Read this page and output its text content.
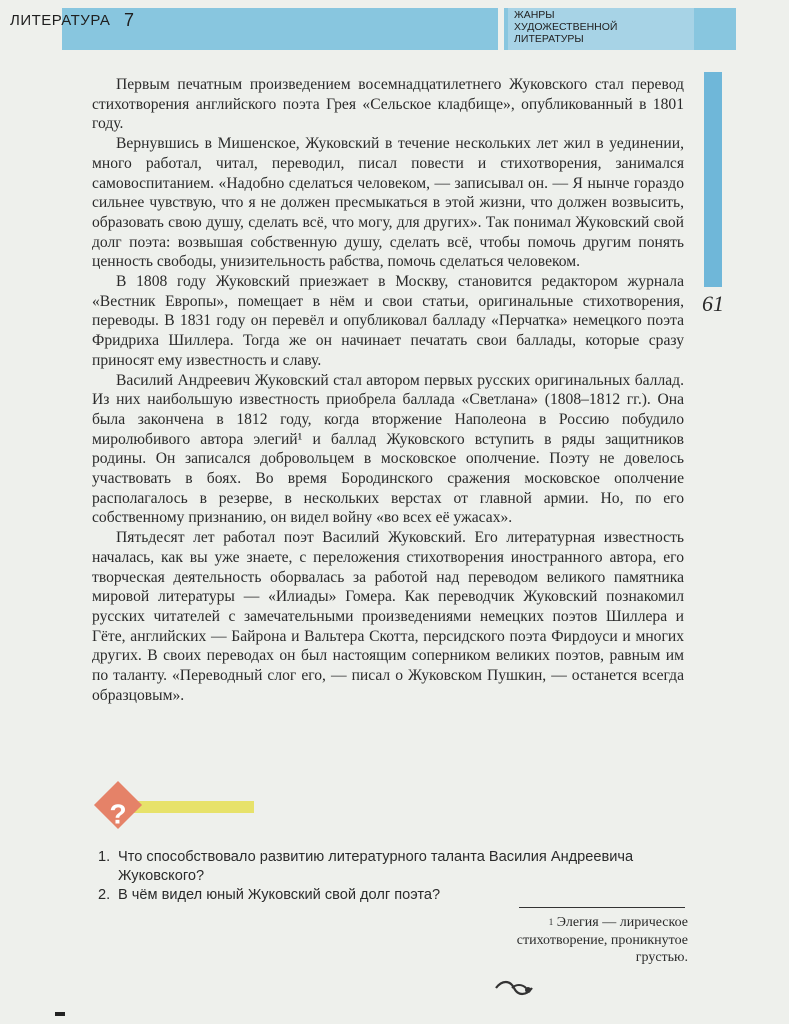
ЛИТЕРАТУРА 7	ЖАНРЫ
ХУДОЖЕСТВЕННОЙ
ЛИТЕРАТУРЫ
61

Первым печатным произведением восемнадцатилетнего Жуковского стал перевод стихотворения английского поэта Грея «Сельское кладбище», опубликованный в 1801 году.

Вернувшись в Мишенское, Жуковский в течение нескольких лет жил в уединении, много работал, читал, переводил, писал повести и стихотворения, занимался самовоспитанием. «Надобно сделаться человеком, — записывал он. — Я нынче гораздо сильнее чувствую, что я не должен пресмыкаться в этой жизни, что должен возвысить, образовать свою душу, сделать всё, что могу, для других». Так понимал Жуковский свой долг поэта: возвышая собственную душу, сделать всё, чтобы помочь другим понять ценность свободы, унизительность рабства, помочь сделаться человеком.

В 1808 году Жуковский приезжает в Москву, становится редактором журнала «Вестник Европы», помещает в нём и свои статьи, оригинальные стихотворения, переводы. В 1831 году он перевёл и опубликовал балладу «Перчатка» немецкого поэта Фридриха Шиллера. Тогда же он начинает печатать свои баллады, которые сразу приносят ему известность и славу.

Василий Андреевич Жуковский стал автором первых русских оригинальных баллад. Из них наибольшую известность приобрела баллада «Светлана» (1808–1812 гг.). Она была закончена в 1812 году, когда вторжение Наполеона в Россию побудило миролюбивого автора элегий¹ и баллад Жуковского вступить в ряды защитников родины. Он записался добровольцем в московское ополчение. Поэту не довелось участвовать в боях. Во время Бородинского сражения московское ополчение располагалось в резерве, в нескольких верстах от главной армии. Но, по его собственному признанию, он видел войну «во всех её ужасах».

Пятьдесят лет работал поэт Василий Жуковский. Его литературная известность началась, как вы уже знаете, с переложения стихотворения иностранного автора, его творческая деятельность оборвалась за работой над переводом великого памятника мировой литературы — «Илиады» Гомера. Как переводчик Жуковский познакомил русских читателей с замечательными произведениями немецких поэтов Шиллера и Гёте, английских — Байрона и Вальтера Скотта, персидского поэта Фирдоуси и многих других. В своих переводах он был настоящим соперником великих поэтов, равным им по таланту. «Переводный слог его, — писал о Жуковском Пушкин, — останется всегда образцовым».

?
1. Что способствовало развитию литературного таланта Василия Андреевича Жуковского?
2. В чём видел юный Жуковский свой долг поэта?
$^1$ Элегия — лирическое стихотворение, проникнутое грустью.
